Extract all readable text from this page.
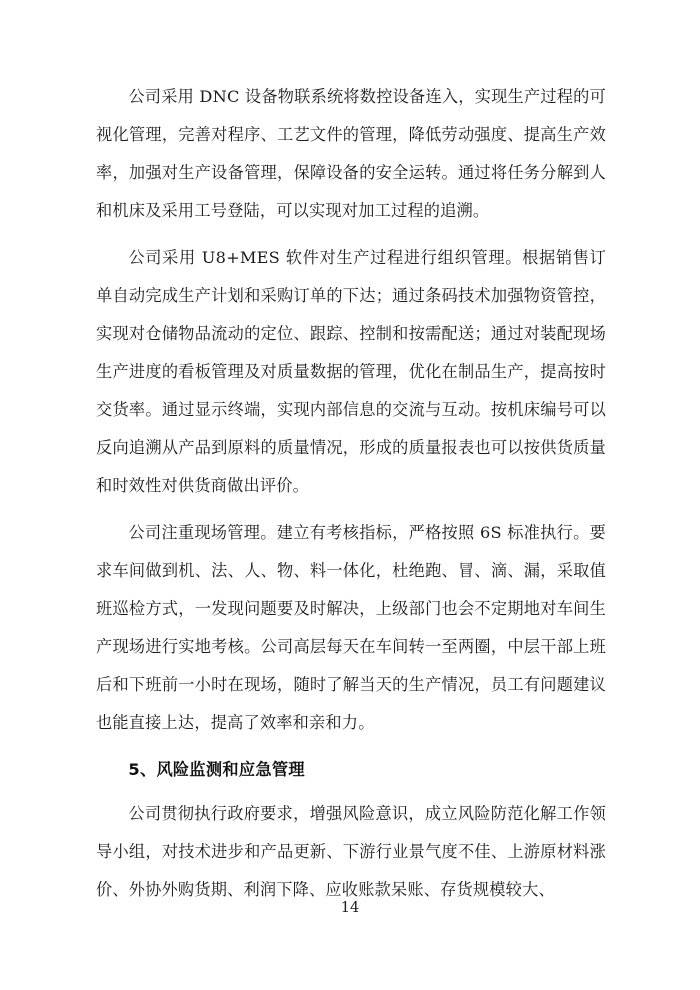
公司采用 DNC 设备物联系统将数控设备连入，实现生产过程的可视化管理，完善对程序、工艺文件的管理，降低劳动强度、提高生产效率，加强对生产设备管理，保障设备的安全运转。通过将任务分解到人和机床及采用工号登陆，可以实现对加工过程的追溯。

公司采用 U8+MES 软件对生产过程进行组织管理。根据销售订单自动完成生产计划和采购订单的下达；通过条码技术加强物资管控，实现对仓储物品流动的定位、跟踪、控制和按需配送；通过对装配现场生产进度的看板管理及对质量数据的管理，优化在制品生产，提高按时交货率。通过显示终端，实现内部信息的交流与互动。按机床编号可以反向追溯从产品到原料的质量情况，形成的质量报表也可以按供货质量和时效性对供货商做出评价。

公司注重现场管理。建立有考核指标，严格按照 6S 标准执行。要求车间做到机、法、人、物、料一体化，杜绝跑、冒、滴、漏，采取值班巡检方式，一发现问题要及时解决，上级部门也会不定期地对车间生产现场进行实地考核。公司高层每天在车间转一至两圈，中层干部上班后和下班前一小时在现场，随时了解当天的生产情况，员工有问题建议也能直接上达，提高了效率和亲和力。

5、风险监测和应急管理

公司贯彻执行政府要求，增强风险意识，成立风险防范化解工作领导小组，对技术进步和产品更新、下游行业景气度不佳、上游原材料涨价、外协外购货期、利润下降、应收账款呆账、存货规模较大、

14
